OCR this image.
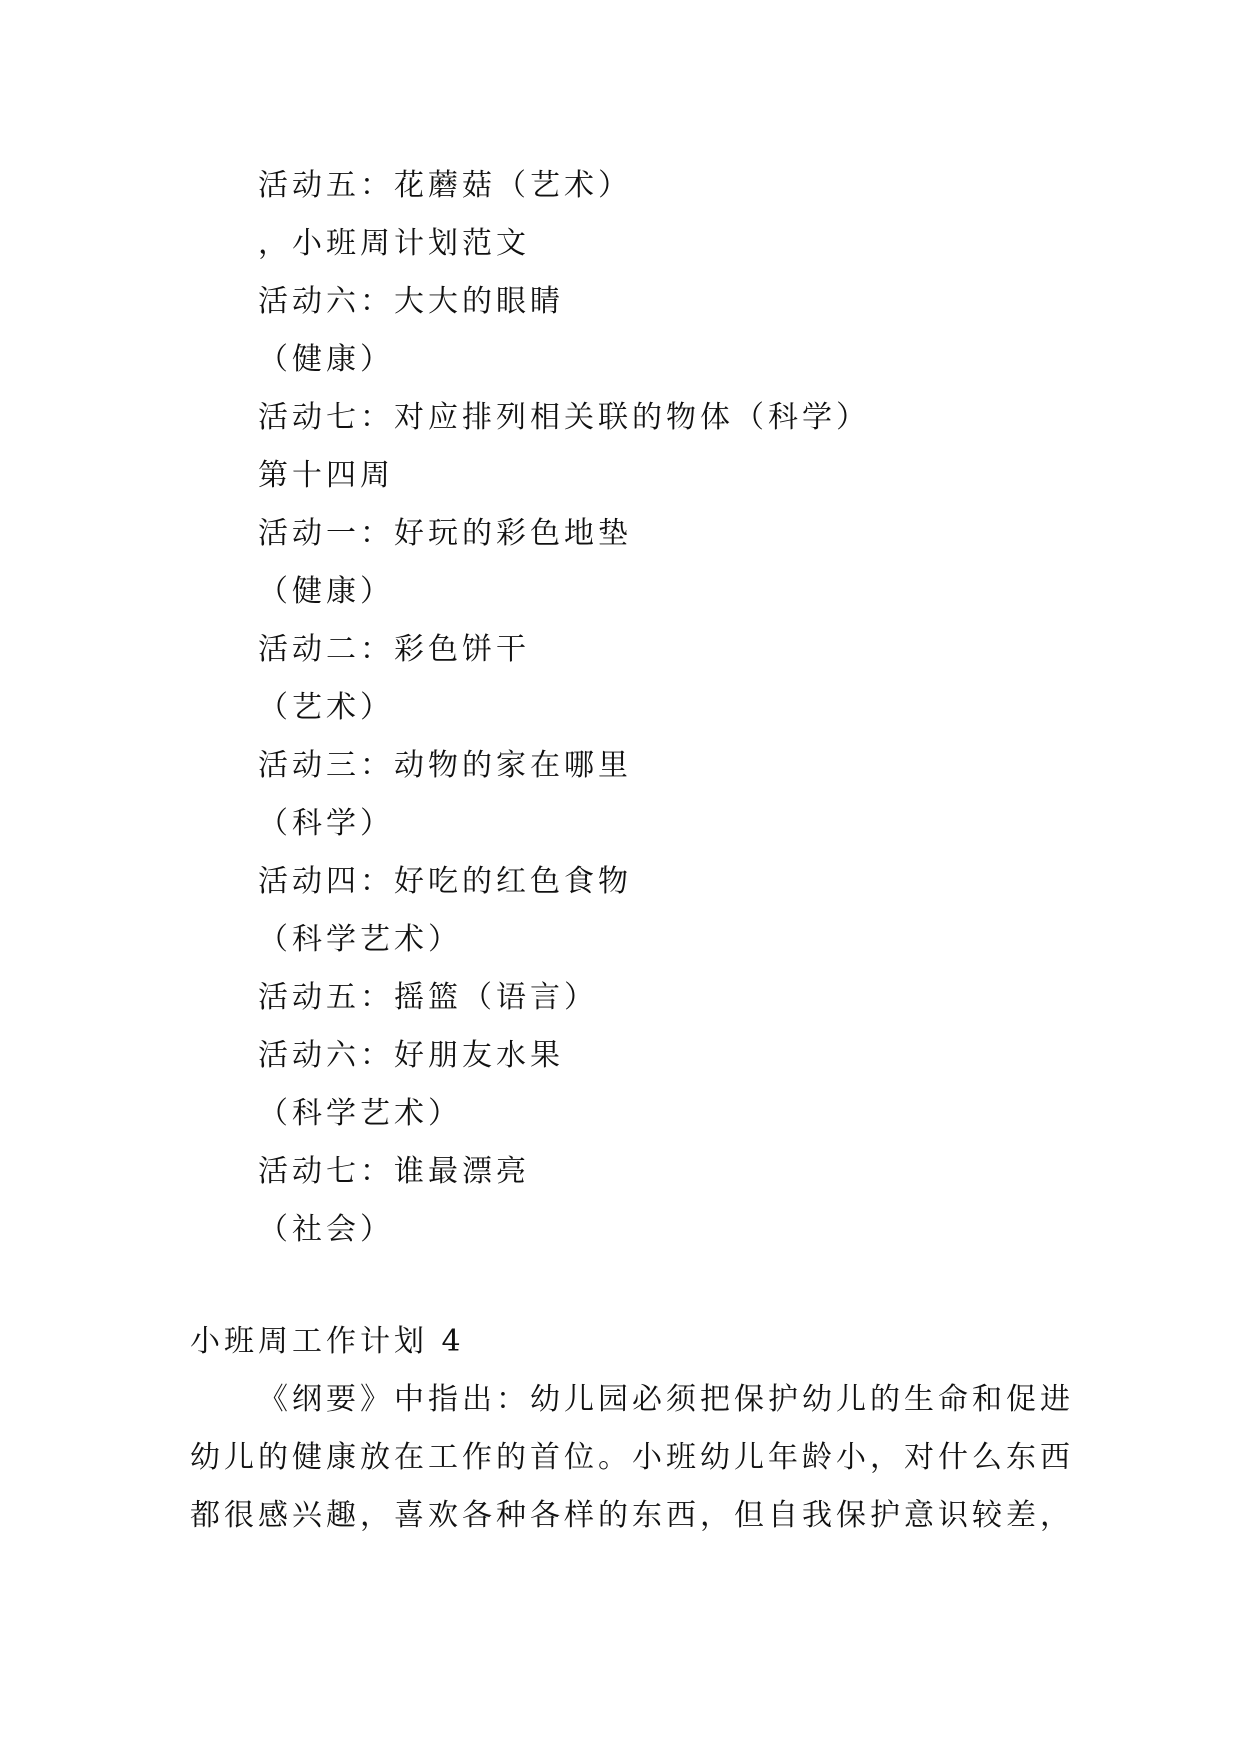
活动五：花蘑菇（艺术）
，小班周计划范文
活动六：大大的眼睛
（健康）
活动七：对应排列相关联的物体（科学）
第十四周
活动一：好玩的彩色地垫
（健康）
活动二：彩色饼干
（艺术）
活动三：动物的家在哪里
（科学）
活动四：好吃的红色食物
（科学艺术）
活动五：摇篮（语言）
活动六：好朋友水果
（科学艺术）
活动七：谁最漂亮
（社会）
小班周工作计划 4
《纲要》中指出：幼儿园必须把保护幼儿的生命和促进
幼儿的健康放在工作的首位。小班幼儿年龄小，对什么东西
都很感兴趣，喜欢各种各样的东西，但自我保护意识较差，
